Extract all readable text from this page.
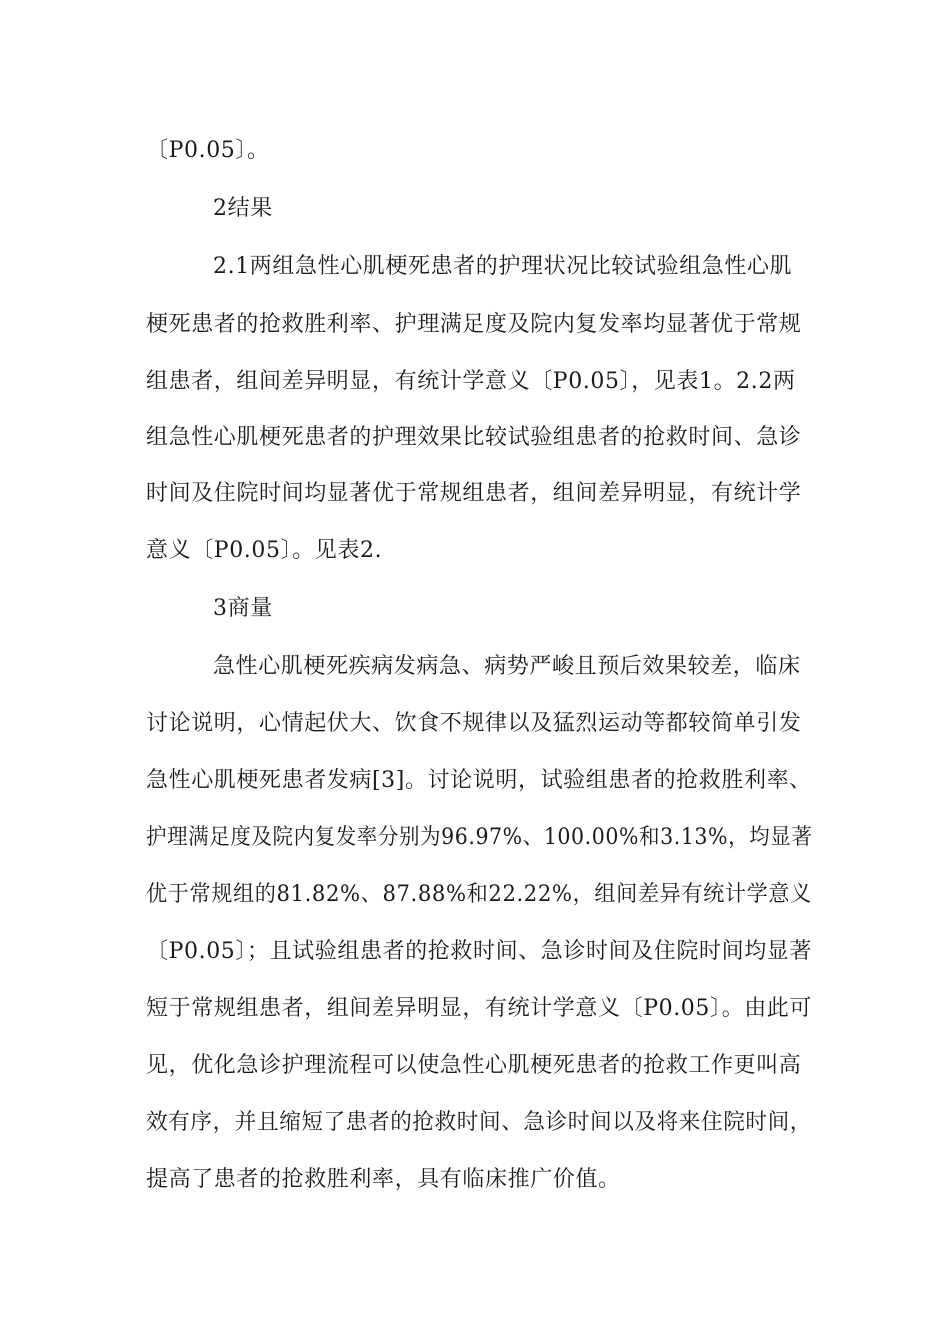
〔P0.05〕。
2结果
2.1两组急性心肌梗死患者的护理状况比较试验组急性心肌
梗死患者的抢救胜利率、护理满足度及院内复发率均显著优于常规
组患者，组间差异明显，有统计学意义〔P0.05〕，见表1。2.2两
组急性心肌梗死患者的护理效果比较试验组患者的抢救时间、急诊
时间及住院时间均显著优于常规组患者，组间差异明显，有统计学
意义〔P0.05〕。见表2.
3商量
急性心肌梗死疾病发病急、病势严峻且预后效果较差，临床
讨论说明，心情起伏大、饮食不规律以及猛烈运动等都较简单引发
急性心肌梗死患者发病[3]。讨论说明，试验组患者的抢救胜利率、
护理满足度及院内复发率分别为96.97%、100.00%和3.13%，均显著
优于常规组的81.82%、87.88%和22.22%，组间差异有统计学意义
〔P0.05〕；且试验组患者的抢救时间、急诊时间及住院时间均显著
短于常规组患者，组间差异明显，有统计学意义〔P0.05〕。由此可
见，优化急诊护理流程可以使急性心肌梗死患者的抢救工作更叫高
效有序，并且缩短了患者的抢救时间、急诊时间以及将来住院时间，
提高了患者的抢救胜利率，具有临床推广价值。
